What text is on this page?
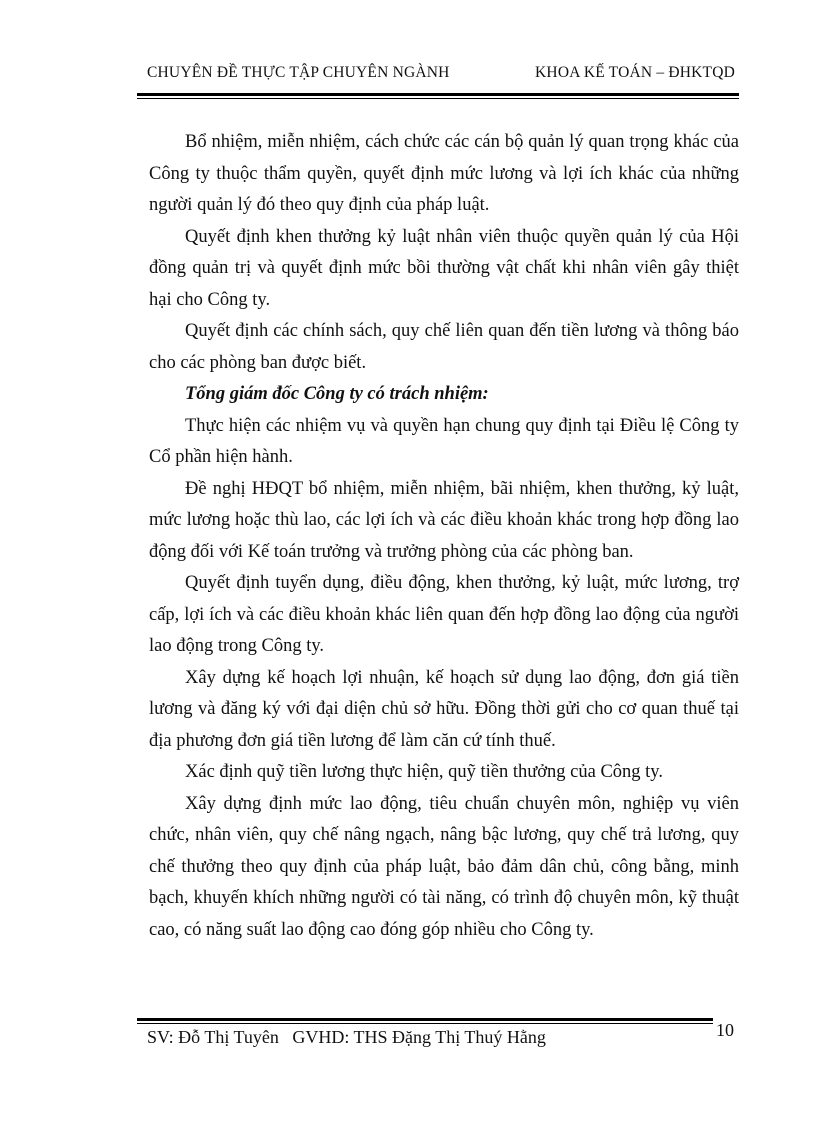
CHUYÊN ĐỀ THỰC TẬP CHUYÊN NGÀNH	KHOA KẾ TOÁN – ĐHKTQD

Bổ nhiệm, miễn nhiệm, cách chức các cán bộ quản lý quan trọng khác của Công ty thuộc thẩm quyền, quyết định mức lương và lợi ích khác của những người quản lý đó theo quy định của pháp luật.

Quyết định khen thưởng kỷ luật nhân viên thuộc quyền quản lý của Hội đồng quản trị và quyết định mức bồi thường vật chất khi nhân viên gây thiệt hại cho Công ty.

Quyết định các chính sách, quy chế liên quan đến tiền lương và thông báo cho các phòng ban được biết.

Tổng giám đốc Công ty có trách nhiệm:

Thực hiện các nhiệm vụ và quyền hạn chung quy định tại Điều lệ Công ty Cổ phần hiện hành.

Đề nghị HĐQT bổ nhiệm, miễn nhiệm, bãi nhiệm, khen thưởng, kỷ luật, mức lương hoặc thù lao, các lợi ích và các điều khoản khác trong hợp đồng lao động đối với Kế toán trưởng và trưởng phòng của các phòng ban.

Quyết định tuyển dụng, điều động, khen thưởng, kỷ luật, mức lương, trợ cấp, lợi ích và các điều khoản khác liên quan đến hợp đồng lao động của người lao động trong Công ty.

Xây dựng kế hoạch lợi nhuận, kế hoạch sử dụng lao động, đơn giá tiền lương và đăng ký với đại diện chủ sở hữu. Đồng thời gửi cho cơ quan thuế tại địa phương đơn giá tiền lương để làm căn cứ tính thuế.

Xác định quỹ tiền lương thực hiện, quỹ tiền thưởng của Công ty.

Xây dựng định mức lao động, tiêu chuẩn chuyên môn, nghiệp vụ viên chức, nhân viên, quy chế nâng ngạch, nâng bậc lương, quy chế trả lương, quy chế thưởng theo quy định của pháp luật, bảo đảm dân chủ, công bằng, minh bạch, khuyến khích những người có tài năng, có trình độ chuyên môn, kỹ thuật cao, có năng suất lao động cao đóng góp nhiều cho Công ty.

SV: Đỗ Thị Tuyên   GVHD: THS Đặng Thị Thuý Hằng	10
